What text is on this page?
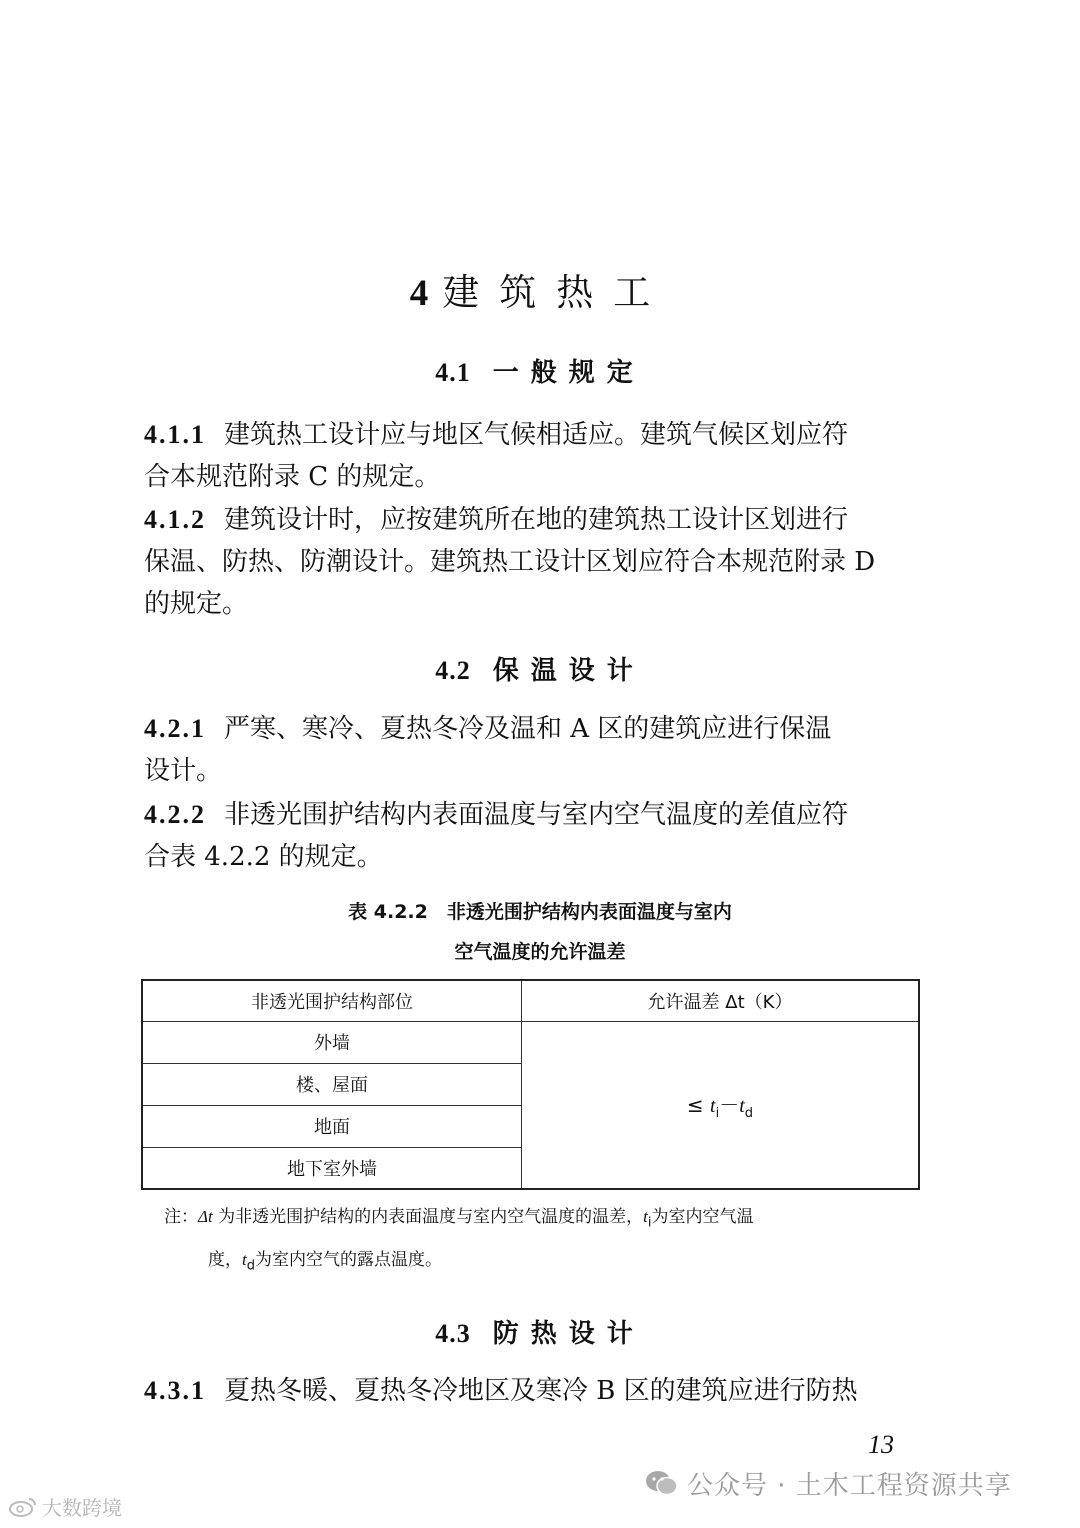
4 建筑热工
4.1 一般规定
4.1.1 建筑热工设计应与地区气候相适应。建筑气候区划应符
合本规范附录 C 的规定。
4.1.2 建筑设计时，应按建筑所在地的建筑热工设计区划进行
保温、防热、防潮设计。建筑热工设计区划应符合本规范附录 D
的规定。
4.2 保温设计
4.2.1 严寒、寒冷、夏热冬冷及温和 A 区的建筑应进行保温
设计。
4.2.2 非透光围护结构内表面温度与室内空气温度的差值应符
合表 4.2.2 的规定。
表 4.2.2　非透光围护结构内表面温度与室内
空气温度的允许温差
非透光围护结构部位	允许温差 Δt（K）
外墙	≤ $t_i-t_d$
楼、屋面	
地面	
地下室外墙	
注：Δt 为非透光围护结构的内表面温度与室内空气温度的温差，$t_i$为室内空气温
度，$t_d$为室内空气的露点温度。
4.3 防热设计
4.3.1 夏热冬暖、夏热冬冷地区及寒冷 B 区的建筑应进行防热
13
公众号 · 土木工程资源共享
大数跨境
